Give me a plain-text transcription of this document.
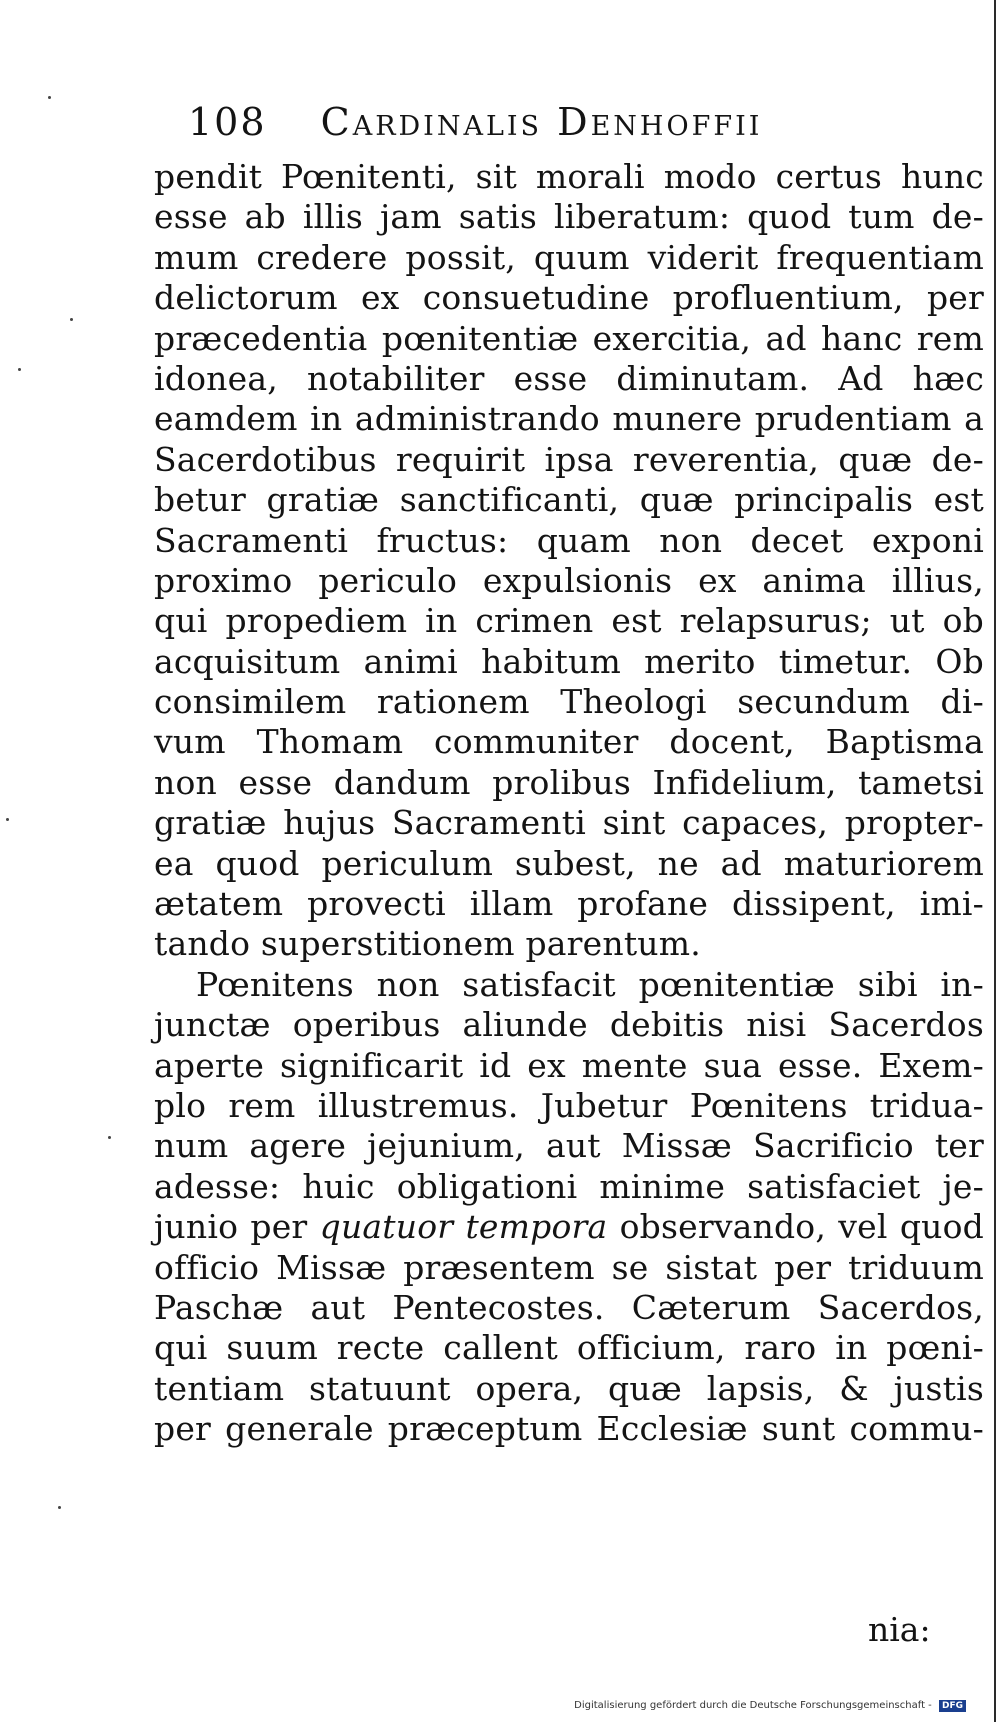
108 Cardinalis Denhoffii
pendit Pœnitenti, sit morali modo certus hunc
esse ab illis jam satis liberatum: quod tum de-
mum credere possit, quum viderit frequentiam
delictorum ex consuetudine profluentium, per
præcedentia pœnitentiæ exercitia, ad hanc rem
idonea, notabiliter esse diminutam. Ad hæc
eamdem in administrando munere prudentiam a
Sacerdotibus requirit ipsa reverentia, quæ de-
betur gratiæ sanctificanti, quæ principalis est
Sacramenti fructus: quam non decet exponi
proximo periculo expulsionis ex anima illius,
qui propediem in crimen est relapsurus; ut ob
acquisitum animi habitum merito timetur. Ob
consimilem rationem Theologi secundum di-
vum Thomam communiter docent, Baptisma
non esse dandum prolibus Infidelium, tametsi
gratiæ hujus Sacramenti sint capaces, propter-
ea quod periculum subest, ne ad maturiorem
ætatem provecti illam profane dissipent, imi-
tando superstitionem parentum.
Pœnitens non satisfacit pœnitentiæ sibi in-
junctæ operibus aliunde debitis nisi Sacerdos
aperte significarit id ex mente sua esse. Exem-
plo rem illustremus. Jubetur Pœnitens tridua-
num agere jejunium, aut Missæ Sacrificio ter
adesse: huic obligationi minime satisfaciet je-
junio per quatuor tempora observando, vel quod
officio Missæ præsentem se sistat per triduum
Paschæ aut Pentecostes. Cæterum Sacerdos,
qui suum recte callent officium, raro in pœni-
tentiam statuunt opera, quæ lapsis, & justis
per generale præceptum Ecclesiæ sunt commu-
nia:
Digitalisierung gefördert durch die Deutsche Forschungsgemeinschaft - DFG
